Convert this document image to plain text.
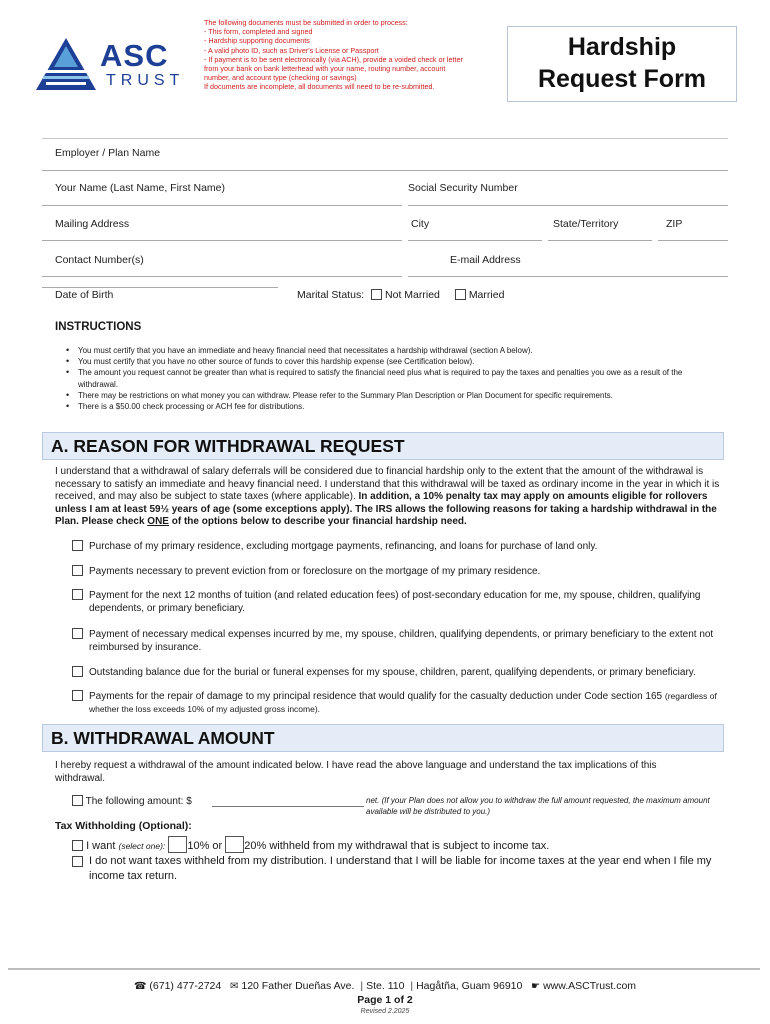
ASC
TRUST
The following documents must be submitted in order to process:
- This form, completed and signed
- Hardship supporting documents
- A valid photo ID, such as Driver's License or Passport
- If payment is to be sent electronically (via ACH), provide a voided check or letter
from your bank on bank letterhead with your name, routing number, account
number, and account type (checking or savings)
If documents are incomplete, all documents will need to be re-submitted.
Hardship
Request Form
Employer / Plan Name
Your Name (Last Name, First Name)	Social Security Number
Mailing Address	City	State/Territory	ZIP
Contact Number(s)	E-mail Address
Date of Birth	Marital Status: Not Married	Married
INSTRUCTIONS
• You must certify that you have an immediate and heavy financial need that necessitates a hardship withdrawal (section A below).
• You must certify that you have no other source of funds to cover this hardship expense (see Certification below).
• The amount you request cannot be greater than what is required to satisfy the financial need plus what is required to pay the taxes and penalties you owe as a result of the withdrawal.
• There may be restrictions on what money you can withdraw. Please refer to the Summary Plan Description or Plan Document for specific requirements.
• There is a $50.00 check processing or ACH fee for distributions.
A. REASON FOR WITHDRAWAL REQUEST
I understand that a withdrawal of salary deferrals will be considered due to financial hardship only to the extent that the amount of the withdrawal is necessary to satisfy an immediate and heavy financial need. I understand that this withdrawal will be taxed as ordinary income in the year in which it is received, and may also be subject to state taxes (where applicable). In addition, a 10% penalty tax may apply on amounts eligible for rollovers unless I am at least 59½ years of age (some exceptions apply). The IRS allows the following reasons for taking a hardship withdrawal in the Plan. Please check ONE of the options below to describe your financial hardship need.
Purchase of my primary residence, excluding mortgage payments, refinancing, and loans for purchase of land only.
Payments necessary to prevent eviction from or foreclosure on the mortgage of my primary residence.
Payment for the next 12 months of tuition (and related education fees) of post-secondary education for me, my spouse, children, qualifying dependents, or primary beneficiary.
Payment of necessary medical expenses incurred by me, my spouse, children, qualifying dependents, or primary beneficiary to the extent not reimbursed by insurance.
Outstanding balance due for the burial or funeral expenses for my spouse, children, parent, qualifying dependents, or primary beneficiary.
Payments for the repair of damage to my principal residence that would qualify for the casualty deduction under Code section 165 (regardless of whether the loss exceeds 10% of my adjusted gross income).
B. WITHDRAWAL AMOUNT
I hereby request a withdrawal of the amount indicated below. I have read the above language and understand the tax implications of this withdrawal.
The following amount: $	net. (If your Plan does not allow you to withdraw the full amount requested, the maximum amount available will be distributed to you.)
Tax Withholding (Optional):
I want (select one): 10% or 20% withheld from my withdrawal that is subject to income tax.
I do not want taxes withheld from my distribution. I understand that I will be liable for income taxes at the year end when I file my income tax return.
☎ (671) 477-2724 ✉ 120 Father Dueñas Ave. | Ste. 110 | Hagåtña, Guam 96910 ☛ www.ASCTrust.com
Page 1 of 2
Revised 2.2025
